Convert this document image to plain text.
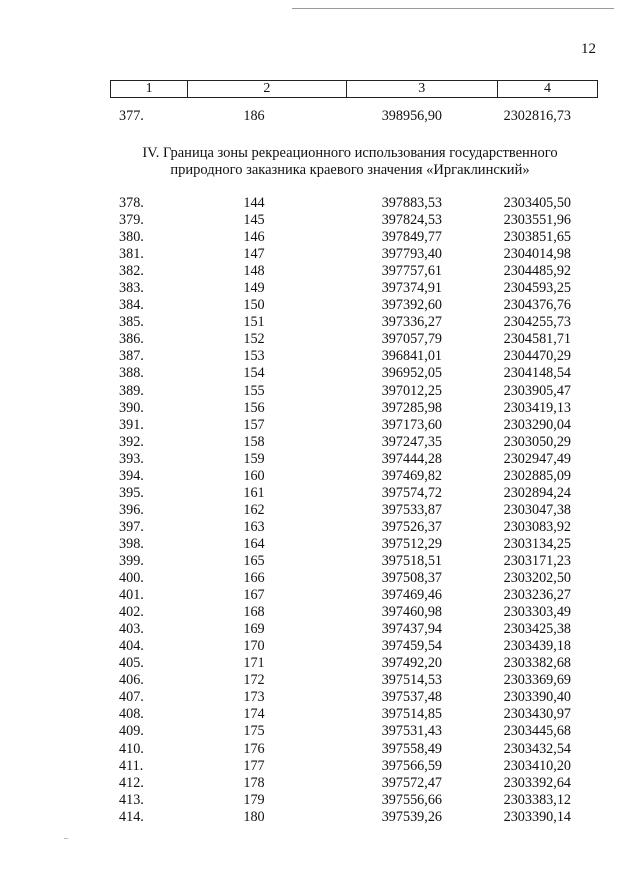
12
1	2	3	4
377.	186	398956,90	2302816,73
IV. Граница зоны рекреационного использования государственного
природного заказника краевого значения «Иргаклинский»
378.	144	397883,53	2303405,50
379.	145	397824,53	2303551,96
380.	146	397849,77	2303851,65
381.	147	397793,40	2304014,98
382.	148	397757,61	2304485,92
383.	149	397374,91	2304593,25
384.	150	397392,60	2304376,76
385.	151	397336,27	2304255,73
386.	152	397057,79	2304581,71
387.	153	396841,01	2304470,29
388.	154	396952,05	2304148,54
389.	155	397012,25	2303905,47
390.	156	397285,98	2303419,13
391.	157	397173,60	2303290,04
392.	158	397247,35	2303050,29
393.	159	397444,28	2302947,49
394.	160	397469,82	2302885,09
395.	161	397574,72	2302894,24
396.	162	397533,87	2303047,38
397.	163	397526,37	2303083,92
398.	164	397512,29	2303134,25
399.	165	397518,51	2303171,23
400.	166	397508,37	2303202,50
401.	167	397469,46	2303236,27
402.	168	397460,98	2303303,49
403.	169	397437,94	2303425,38
404.	170	397459,54	2303439,18
405.	171	397492,20	2303382,68
406.	172	397514,53	2303369,69
407.	173	397537,48	2303390,40
408.	174	397514,85	2303430,97
409.	175	397531,43	2303445,68
410.	176	397558,49	2303432,54
411.	177	397566,59	2303410,20
412.	178	397572,47	2303392,64
413.	179	397556,66	2303383,12
414.	180	397539,26	2303390,14
